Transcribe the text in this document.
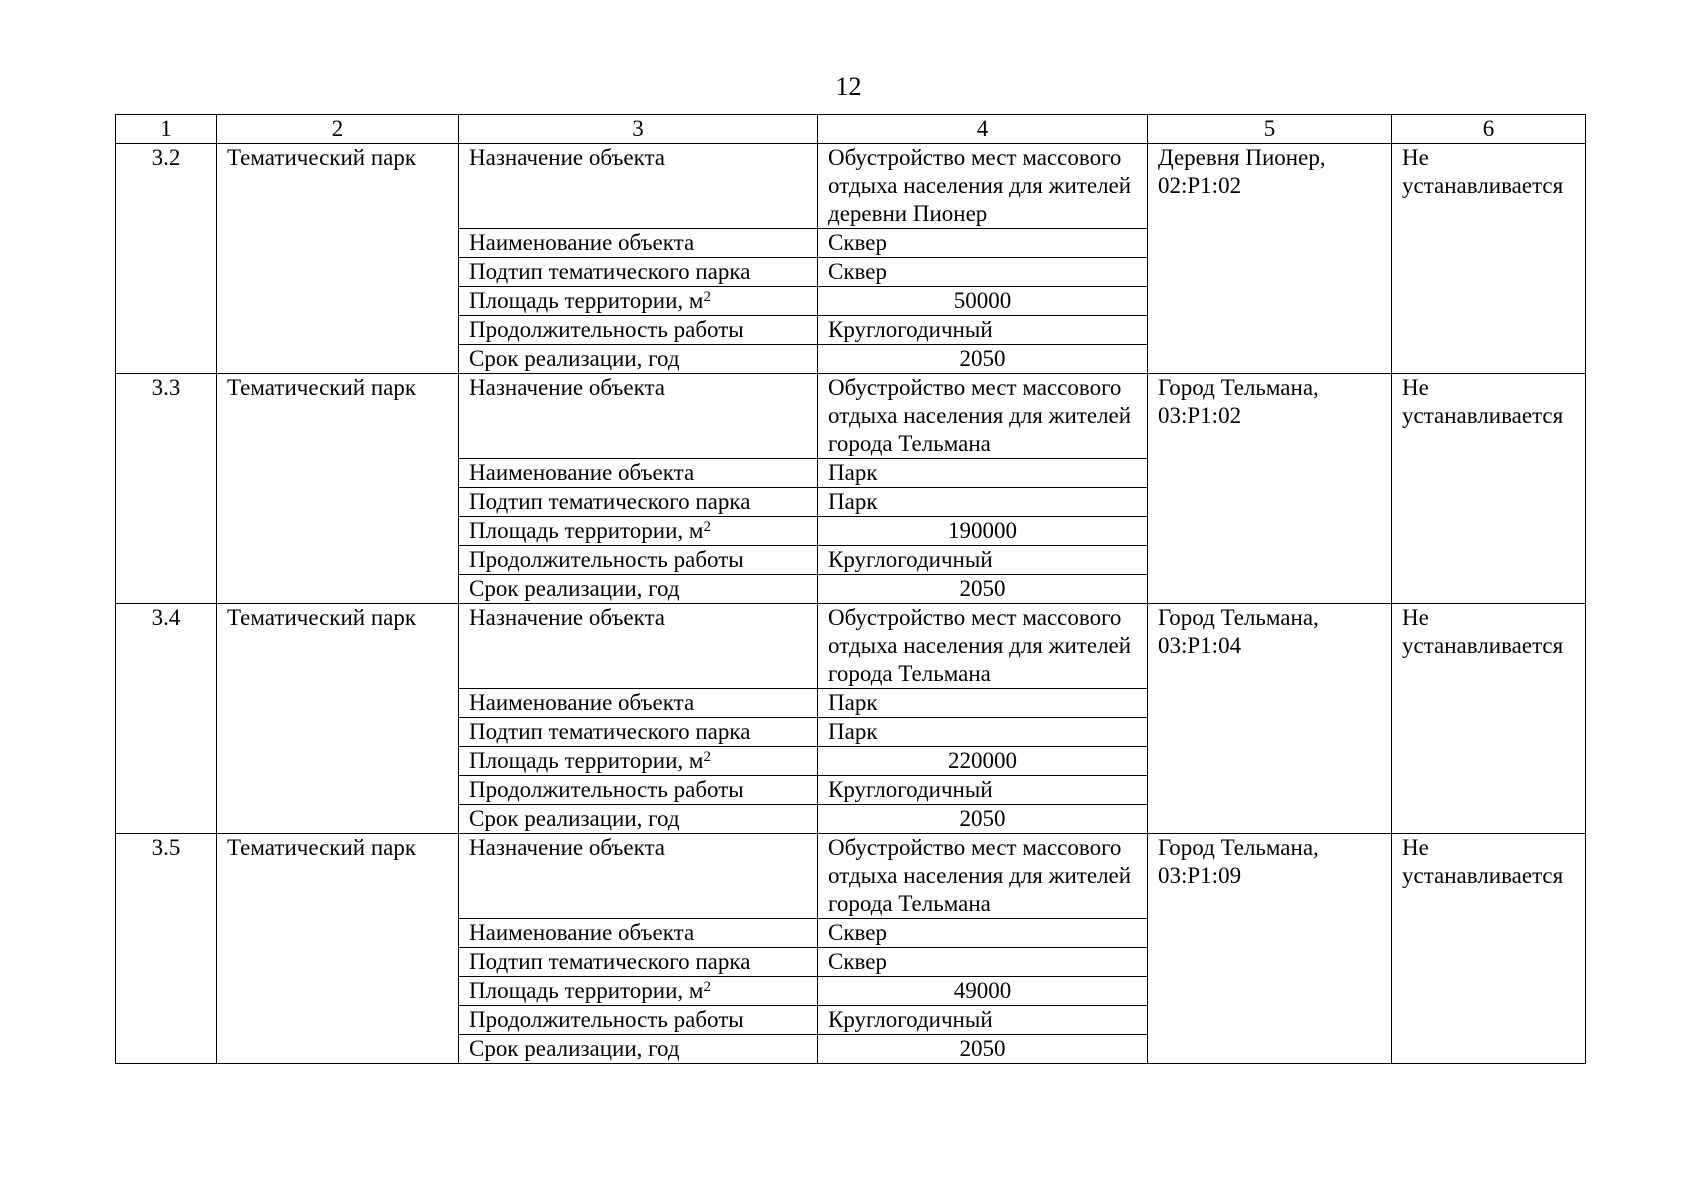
12
1	2	3	4	5	6
3.2	Тематический парк	Назначение объекта	Обустройство мест массового отдыха населения для жителей деревни Пионер	Деревня Пионер, 02:Р1:02	Не устанавливается
		Наименование объекта	Сквер		
		Подтип тематического парка	Сквер		
		Площадь территории, $м^2$	50000		
		Продолжительность работы	Круглогодичный		
		Срок реализации, год	2050		
3.3	Тематический парк	Назначение объекта	Обустройство мест массового отдыха населения для жителей города Тельмана	Город Тельмана, 03:Р1:02	Не устанавливается
		Наименование объекта	Парк		
		Подтип тематического парка	Парк		
		Площадь территории, $м^2$	190000		
		Продолжительность работы	Круглогодичный		
		Срок реализации, год	2050		
3.4	Тематический парк	Назначение объекта	Обустройство мест массового отдыха населения для жителей города Тельмана	Город Тельмана, 03:Р1:04	Не устанавливается
		Наименование объекта	Парк		
		Подтип тематического парка	Парк		
		Площадь территории, $м^2$	220000		
		Продолжительность работы	Круглогодичный		
		Срок реализации, год	2050		
3.5	Тематический парк	Назначение объекта	Обустройство мест массового отдыха населения для жителей города Тельмана	Город Тельмана, 03:Р1:09	Не устанавливается
		Наименование объекта	Сквер		
		Подтип тематического парка	Сквер		
		Площадь территории, $м^2$	49000		
		Продолжительность работы	Круглогодичный		
		Срок реализации, год	2050		
